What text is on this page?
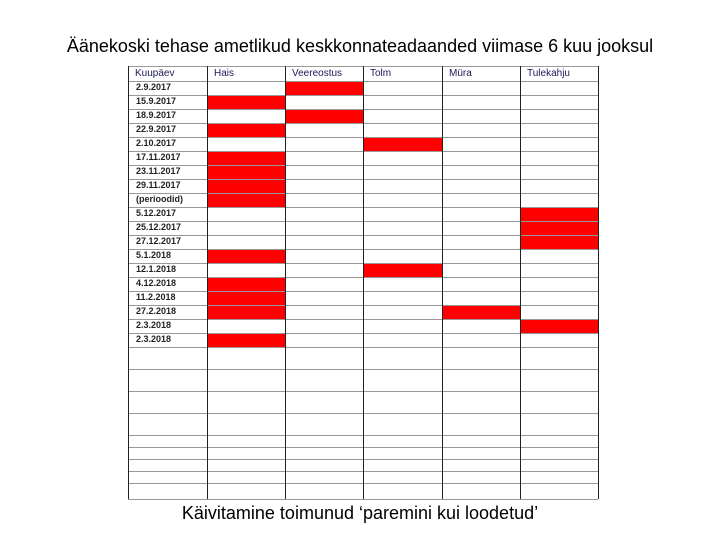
Äänekoski tehase ametlikud keskkonnateadaanded viimase 6 kuu jooksul
Kuupäev	Hais	Veereostus	Tolm	Müra	Tulekahju
2.9.2017
15.9.2017
18.9.2017
22.9.2017
2.10.2017
17.11.2017
23.11.2017
29.11.2017
(perioodid)
5.12.2017
25.12.2017
27.12.2017
5.1.2018
12.1.2018
4.12.2018
11.2.2018
27.2.2018
2.3.2018
2.3.2018
Käivitamine toimunud ‘paremini kui loodetud’
